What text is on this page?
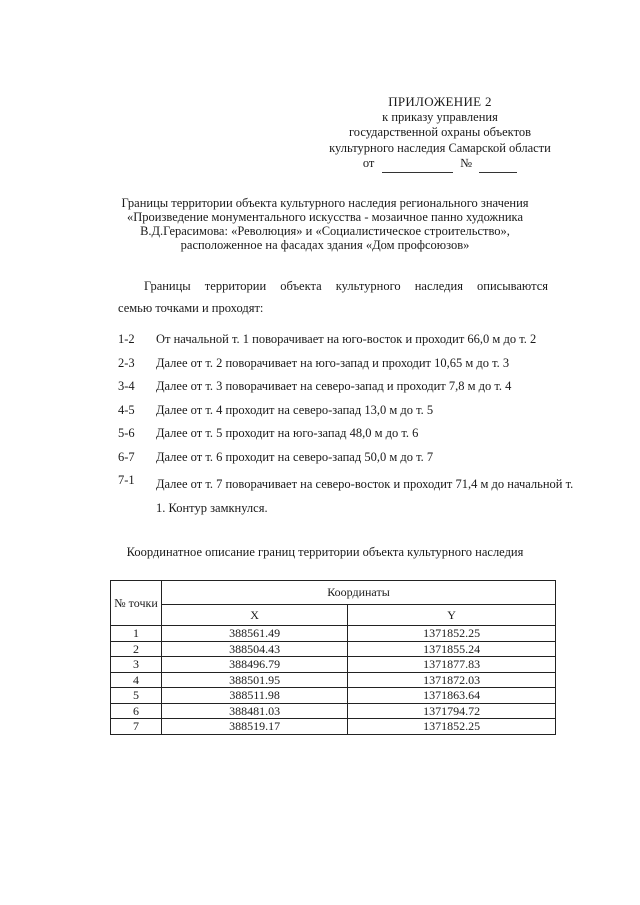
ПРИЛОЖЕНИЕ 2
к приказу управления
государственной охраны объектов
культурного наследия Самарской области
от	№
Границы территории объекта культурного наследия регионального значения
«Произведение монументального искусства - мозаичное панно художника
В.Д.Герасимова: «Революция» и «Социалистическое строительство»,
расположенное на фасадах здания «Дом профсоюзов»
Границы территории объекта культурного наследия описываются
семью точками и проходят:
1-2	От начальной т. 1 поворачивает на юго-восток и проходит 66,0 м до т. 2
2-3	Далее от т. 2 поворачивает на юго-запад и проходит 10,65 м до т. 3
3-4	Далее от т. 3 поворачивает на северо-запад и проходит 7,8 м до т. 4
4-5	Далее от т. 4 проходит на северо-запад 13,0 м до т. 5
5-6	Далее от т. 5 проходит на юго-запад 48,0 м до т. 6
6-7	Далее от т. 6 проходит на северо-запад 50,0 м до т. 7
7-1	Далее от т. 7 поворачивает на северо-восток и проходит 71,4 м до начальной т. 1. Контур замкнулся.
Координатное описание границ территории объекта культурного наследия
№ точки	Координаты	
	X	Y
1	388561.49	1371852.25
2	388504.43	1371855.24
3	388496.79	1371877.83
4	388501.95	1371872.03
5	388511.98	1371863.64
6	388481.03	1371794.72
7	388519.17	1371852.25
